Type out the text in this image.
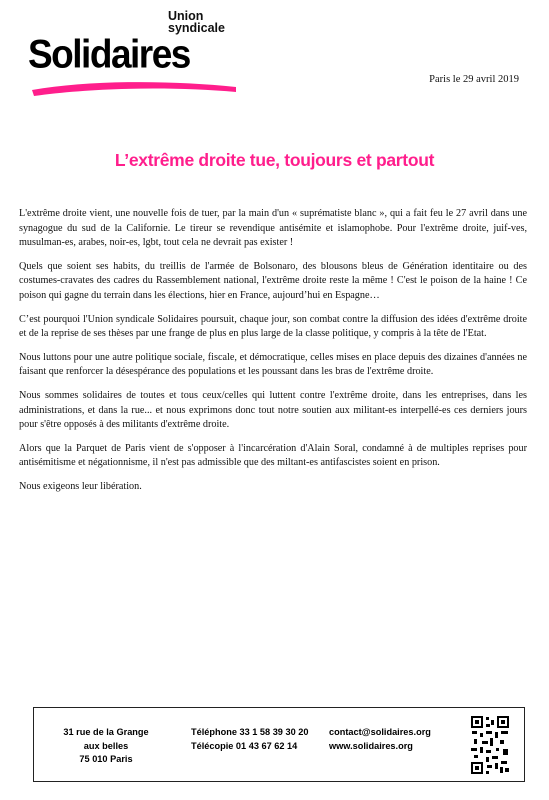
Union
syndicale
Solidaires
Paris le 29 avril 2019
L’extrême droite tue, toujours et partout

L'extrême droite vient, une nouvelle fois de tuer, par la main d'un « suprématiste blanc », qui a fait feu le 27 avril dans une synagogue du sud de la Californie. Le tireur se revendique antisémite et islamophobe. Pour l'extrême droite, juif-ves, musulman-es, arabes, noir-es, lgbt, tout cela ne devrait pas exister !

Quels que soient ses habits, du treillis de l'armée de Bolsonaro, des blousons bleus de Génération identitaire ou des costumes-cravates des cadres du Rassemblement national, l'extrême droite reste la même ! C'est le poison de la haine ! Ce poison qui gagne du terrain dans les élections, hier en France, aujourd’hui en Espagne…

C’est pourquoi l'Union syndicale Solidaires poursuit, chaque jour, son combat contre la diffusion des idées d'extrême droite et de la reprise de ses thèses par une frange de plus en plus large de la classe politique, y compris à la tête de l'Etat.

Nous luttons pour une autre politique sociale, fiscale, et démocratique, celles mises en place depuis des dizaines d'années ne faisant que renforcer la désespérance des populations et les poussant dans les bras de l'extrême droite.

Nous sommes solidaires de toutes et tous ceux/celles qui luttent contre l'extrême droite, dans les entreprises, dans les administrations, et dans la rue... et nous exprimons donc tout notre soutien aux militant-es interpellé-es ces derniers jours pour s'être opposés à des militants d'extrême droite.

Alors que la Parquet de Paris vient de s'opposer à l'incarcération d'Alain Soral, condamné à de multiples reprises pour antisémitisme et négationnisme, il n'est pas admissible que des miltant-es antifascistes soient en prison.

Nous exigeons leur libération.

31 rue de la Grange
aux belles
75 010 Paris
Téléphone 33 1 58 39 30 20
Télécopie 01 43 67 62 14
contact@solidaires.org
www.solidaires.org
